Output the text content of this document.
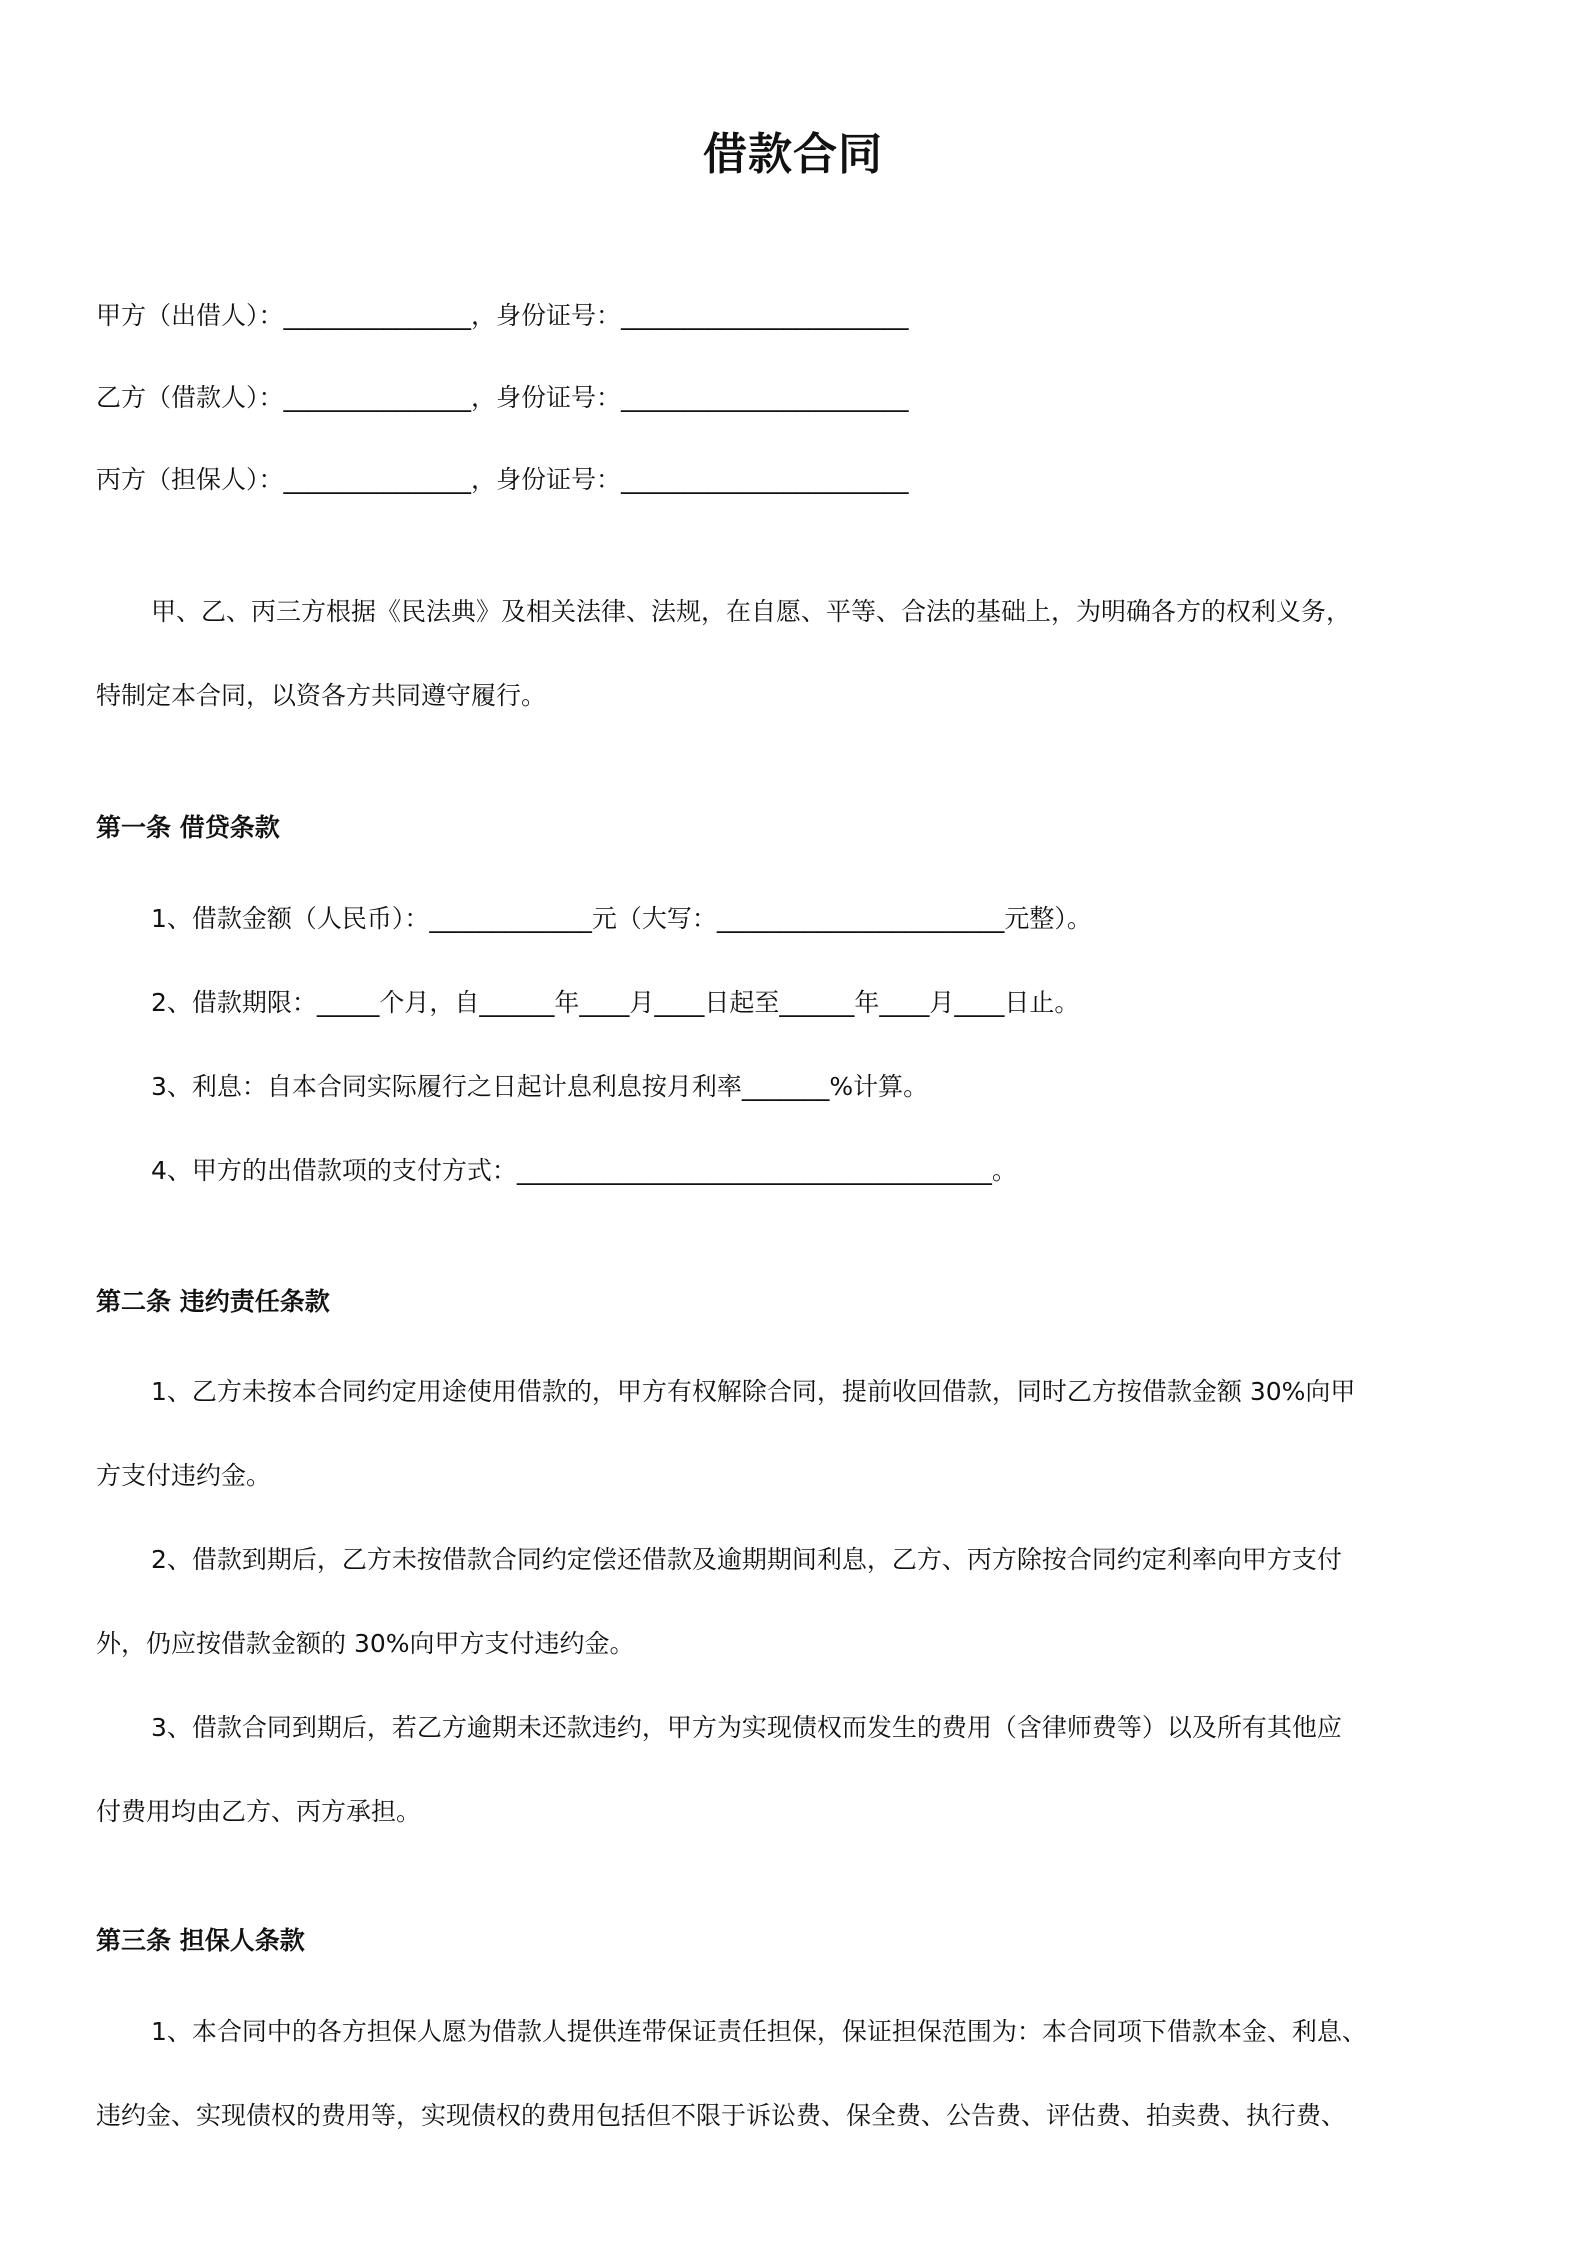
借款合同
甲方（出借人）：_______________，身份证号：_______________________
乙方（借款人）：_______________，身份证号：_______________________
丙方（担保人）：_______________，身份证号：_______________________
甲、乙、丙三方根据《民法典》及相关法律、法规，在自愿、平等、合法的基础上，为明确各方的权利义务，
特制定本合同，以资各方共同遵守履行。
第一条 借贷条款
1、借款金额（人民币）：_____________元（大写：_______________________元整）。
2、借款期限：_____个月，自______年____月____日起至______年____月____日止。
3、利息：自本合同实际履行之日起计息利息按月利率_______%计算。
4、甲方的出借款项的支付方式：______________________________________。
第二条 违约责任条款
1、乙方未按本合同约定用途使用借款的，甲方有权解除合同，提前收回借款，同时乙方按借款金额 30%向甲
方支付违约金。
2、借款到期后，乙方未按借款合同约定偿还借款及逾期期间利息，乙方、丙方除按合同约定利率向甲方支付
外，仍应按借款金额的 30%向甲方支付违约金。
3、借款合同到期后，若乙方逾期未还款违约，甲方为实现债权而发生的费用（含律师费等）以及所有其他应
付费用均由乙方、丙方承担。
第三条 担保人条款
1、本合同中的各方担保人愿为借款人提供连带保证责任担保，保证担保范围为：本合同项下借款本金、利息、
违约金、实现债权的费用等，实现债权的费用包括但不限于诉讼费、保全费、公告费、评估费、拍卖费、执行费、
